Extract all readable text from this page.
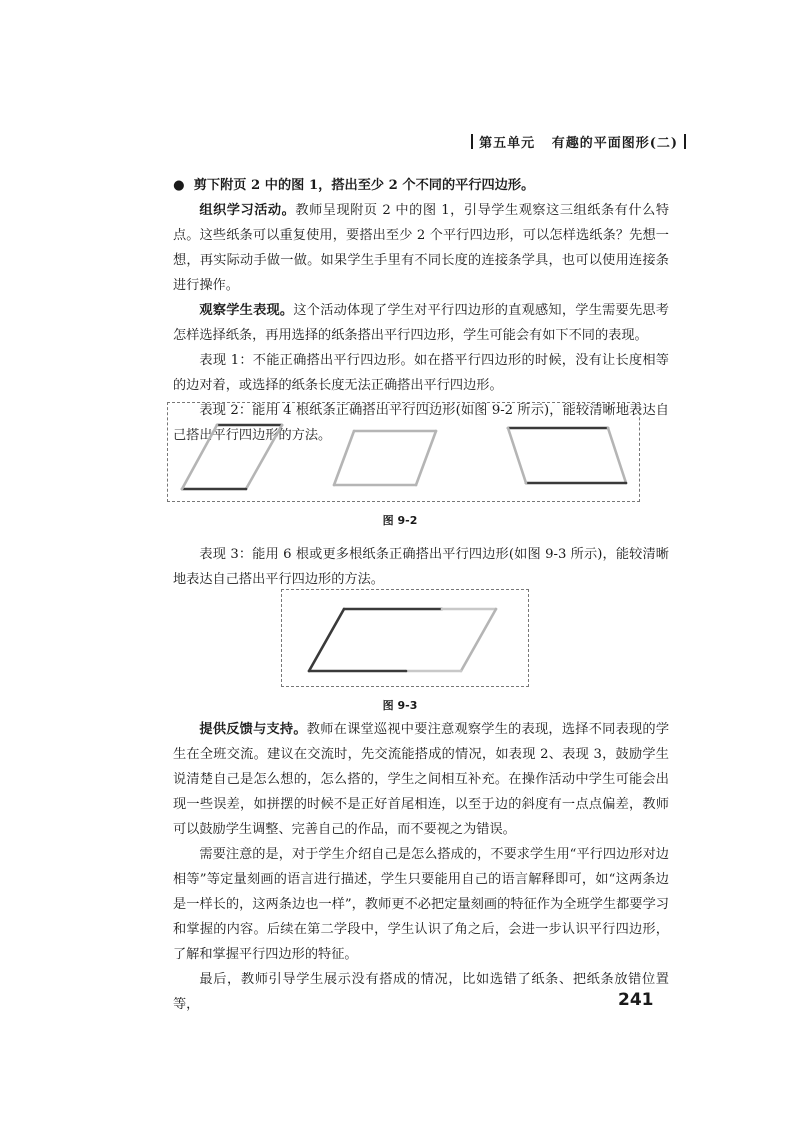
第五单元 有趣的平面图形(二)

●  剪下附页 2 中的图 1，搭出至少 2 个不同的平行四边形。

组织学习活动。教师呈现附页 2 中的图 1，引导学生观察这三组纸条有什么特点。这些纸条可以重复使用，要搭出至少 2 个平行四边形，可以怎样选纸条？先想一想，再实际动手做一做。如果学生手里有不同长度的连接条学具，也可以使用连接条进行操作。

观察学生表现。这个活动体现了学生对平行四边形的直观感知，学生需要先思考怎样选择纸条，再用选择的纸条搭出平行四边形，学生可能会有如下不同的表现。

表现 1：不能正确搭出平行四边形。如在搭平行四边形的时候，没有让长度相等的边对着，或选择的纸条长度无法正确搭出平行四边形。

表现 2：能用 4 根纸条正确搭出平行四边形(如图 9-2 所示)，能较清晰地表达自己搭出平行四边形的方法。

图 9-2

表现 3：能用 6 根或更多根纸条正确搭出平行四边形(如图 9-3 所示)，能较清晰地表达自己搭出平行四边形的方法。

图 9-3

提供反馈与支持。教师在课堂巡视中要注意观察学生的表现，选择不同表现的学生在全班交流。建议在交流时，先交流能搭成的情况，如表现 2、表现 3，鼓励学生说清楚自己是怎么想的，怎么搭的，学生之间相互补充。在操作活动中学生可能会出现一些误差，如拼摆的时候不是正好首尾相连，以至于边的斜度有一点点偏差，教师可以鼓励学生调整、完善自己的作品，而不要视之为错误。

需要注意的是，对于学生介绍自己是怎么搭成的，不要求学生用“平行四边形对边相等”等定量刻画的语言进行描述，学生只要能用自己的语言解释即可，如“这两条边是一样长的，这两条边也一样”，教师更不必把定量刻画的特征作为全班学生都要学习和掌握的内容。后续在第二学段中，学生认识了角之后，会进一步认识平行四边形，了解和掌握平行四边形的特征。

最后，教师引导学生展示没有搭成的情况，比如选错了纸条、把纸条放错位置等，	241
